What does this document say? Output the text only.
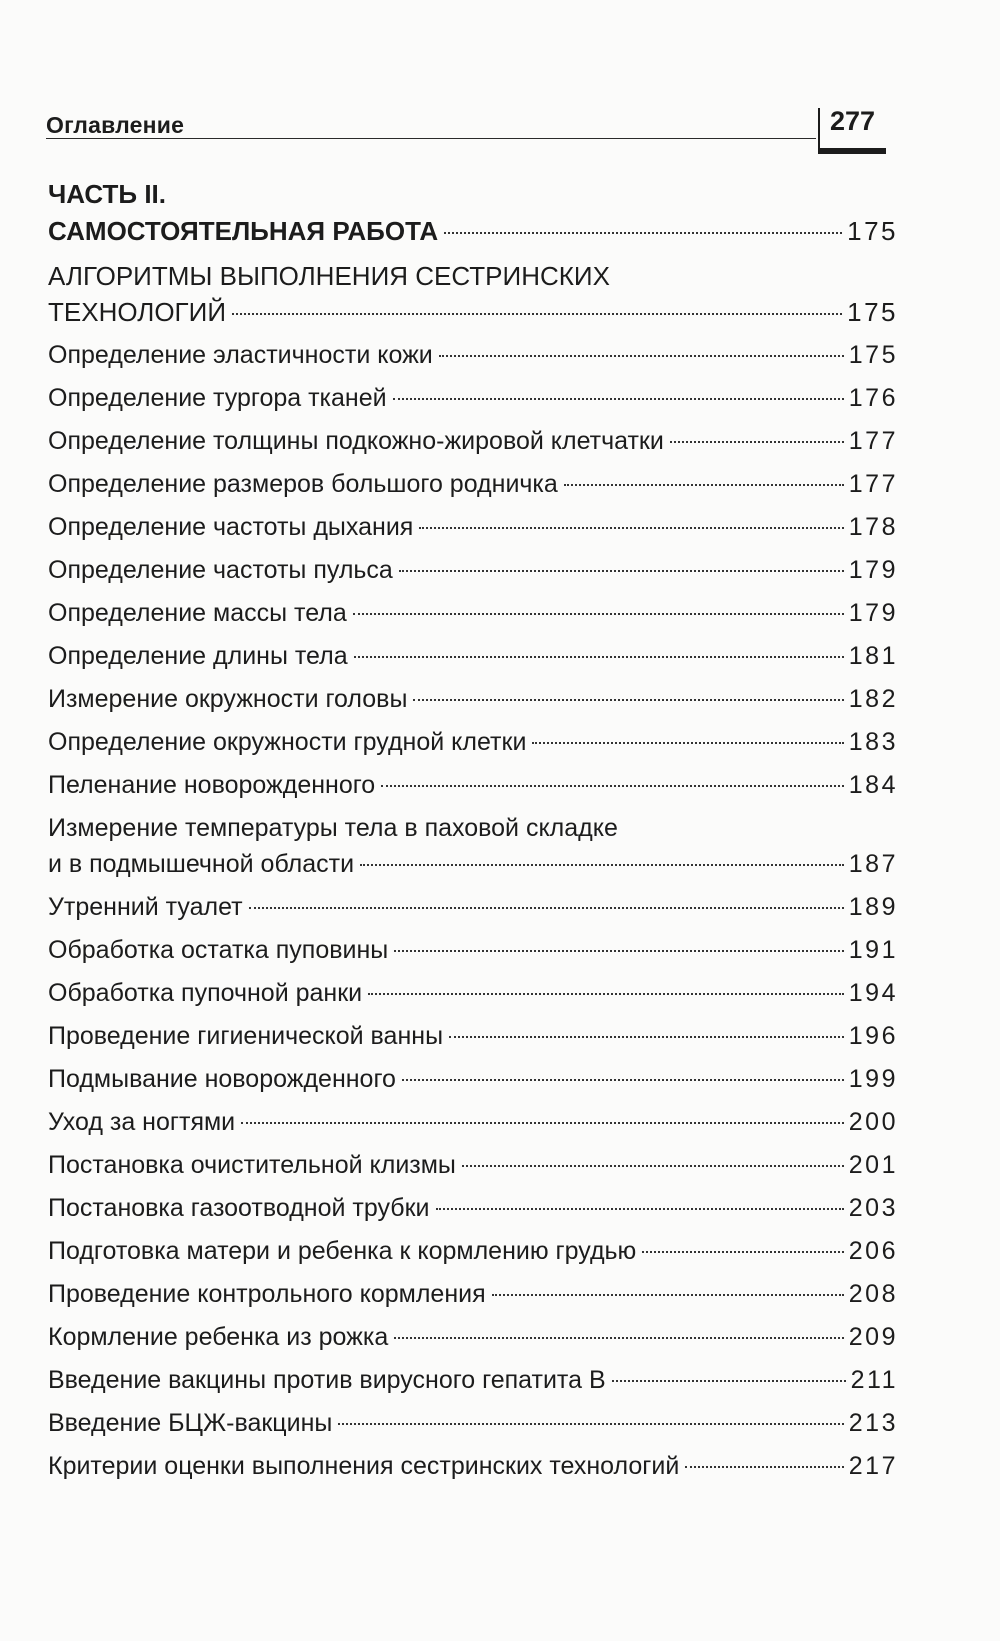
Оглавление	277
ЧАСТЬ II.
САМОСТОЯТЕЛЬНАЯ РАБОТА	175
АЛГОРИТМЫ ВЫПОЛНЕНИЯ СЕСТРИНСКИХ
ТЕХНОЛОГИЙ	175
Определение эластичности кожи	175
Определение тургора тканей	176
Определение толщины подкожно-жировой клетчатки	177
Определение размеров большого родничка	177
Определение частоты дыхания	178
Определение частоты пульса	179
Определение массы тела	179
Определение длины тела	181
Измерение окружности головы	182
Определение окружности грудной клетки	183
Пеленание новорожденного	184
Измерение температуры тела в паховой складке
и в подмышечной области	187
Утренний туалет	189
Обработка остатка пуповины	191
Обработка пупочной ранки	194
Проведение гигиенической ванны	196
Подмывание новорожденного	199
Уход за ногтями	200
Постановка очистительной клизмы	201
Постановка газоотводной трубки	203
Подготовка матери и ребенка к кормлению грудью	206
Проведение контрольного кормления	208
Кормление ребенка из рожка	209
Введение вакцины против вирусного гепатита В	211
Введение БЦЖ-вакцины	213
Критерии оценки выполнения сестринских технологий	217
